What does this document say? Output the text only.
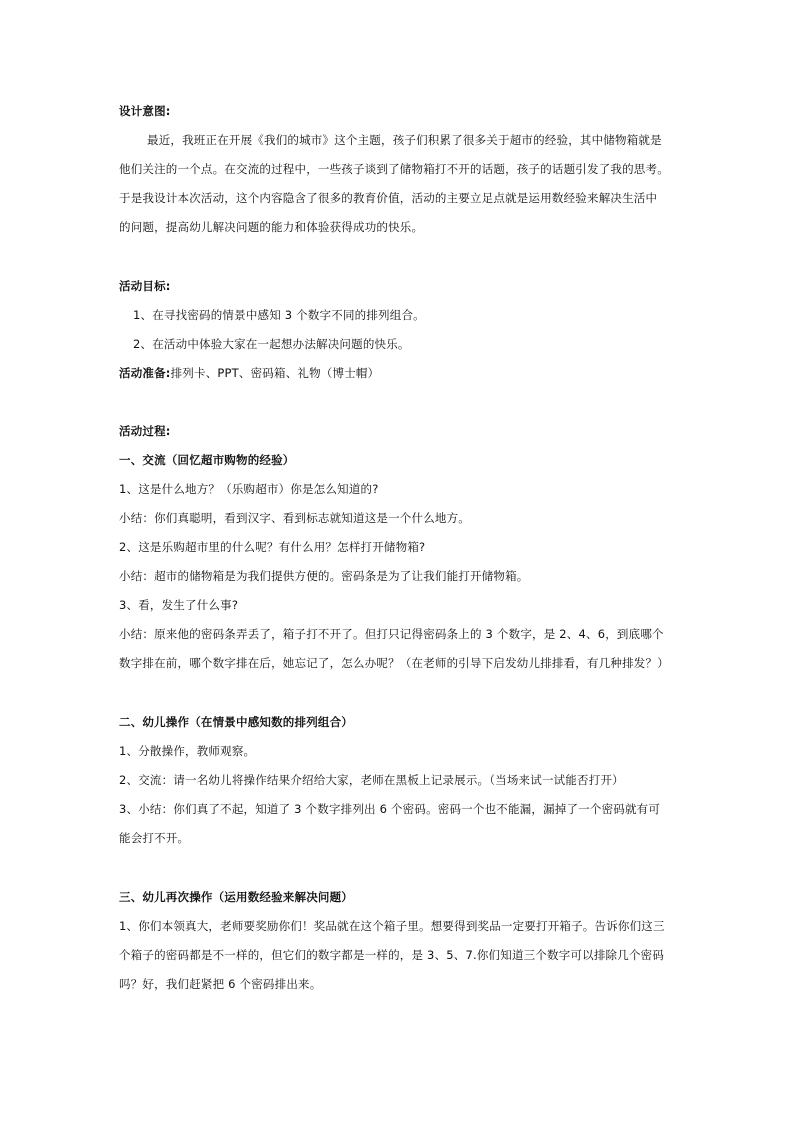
设计意图:
最近，我班正在开展《我们的城市》这个主题，孩子们积累了很多关于超市的经验，其中储物箱就是
他们关注的一个点。在交流的过程中，一些孩子谈到了储物箱打不开的话题，孩子的话题引发了我的思考。
于是我设计本次活动，这个内容隐含了很多的教育价值，活动的主要立足点就是运用数经验来解决生活中
的问题，提高幼儿解决问题的能力和体验获得成功的快乐。
活动目标:
1、在寻找密码的情景中感知 3 个数字不同的排列组合。
2、在活动中体验大家在一起想办法解决问题的快乐。
活动准备:排列卡、PPT、密码箱、礼物（博士帽）
活动过程:
一、交流（回忆超市购物的经验）
1、这是什么地方？（乐购超市）你是怎么知道的?
小结：你们真聪明，看到汉字、看到标志就知道这是一个什么地方。
2、这是乐购超市里的什么呢？有什么用？怎样打开储物箱?
小结：超市的储物箱是为我们提供方便的。密码条是为了让我们能打开储物箱。
3、看，发生了什么事?
小结：原来他的密码条弄丢了，箱子打不开了。但打只记得密码条上的 3 个数字，是 2、4、6，到底哪个
数字排在前，哪个数字排在后，她忘记了，怎么办呢？（在老师的引导下启发幼儿排排看，有几种排发？）
二、幼儿操作（在情景中感知数的排列组合）
1、分散操作，教师观察。
2、交流：请一名幼儿将操作结果介绍给大家，老师在黑板上记录展示。（当场来试一试能否打开）
3、小结：你们真了不起，知道了 3 个数字排列出 6 个密码。密码一个也不能漏，漏掉了一个密码就有可
能会打不开。
三、幼儿再次操作（运用数经验来解决问题）
1、你们本领真大，老师要奖励你们！奖品就在这个箱子里。想要得到奖品一定要打开箱子。告诉你们这三
个箱子的密码都是不一样的，但它们的数字都是一样的，是 3、5、7.你们知道三个数字可以排除几个密码
吗？好，我们赶紧把 6 个密码排出来。
